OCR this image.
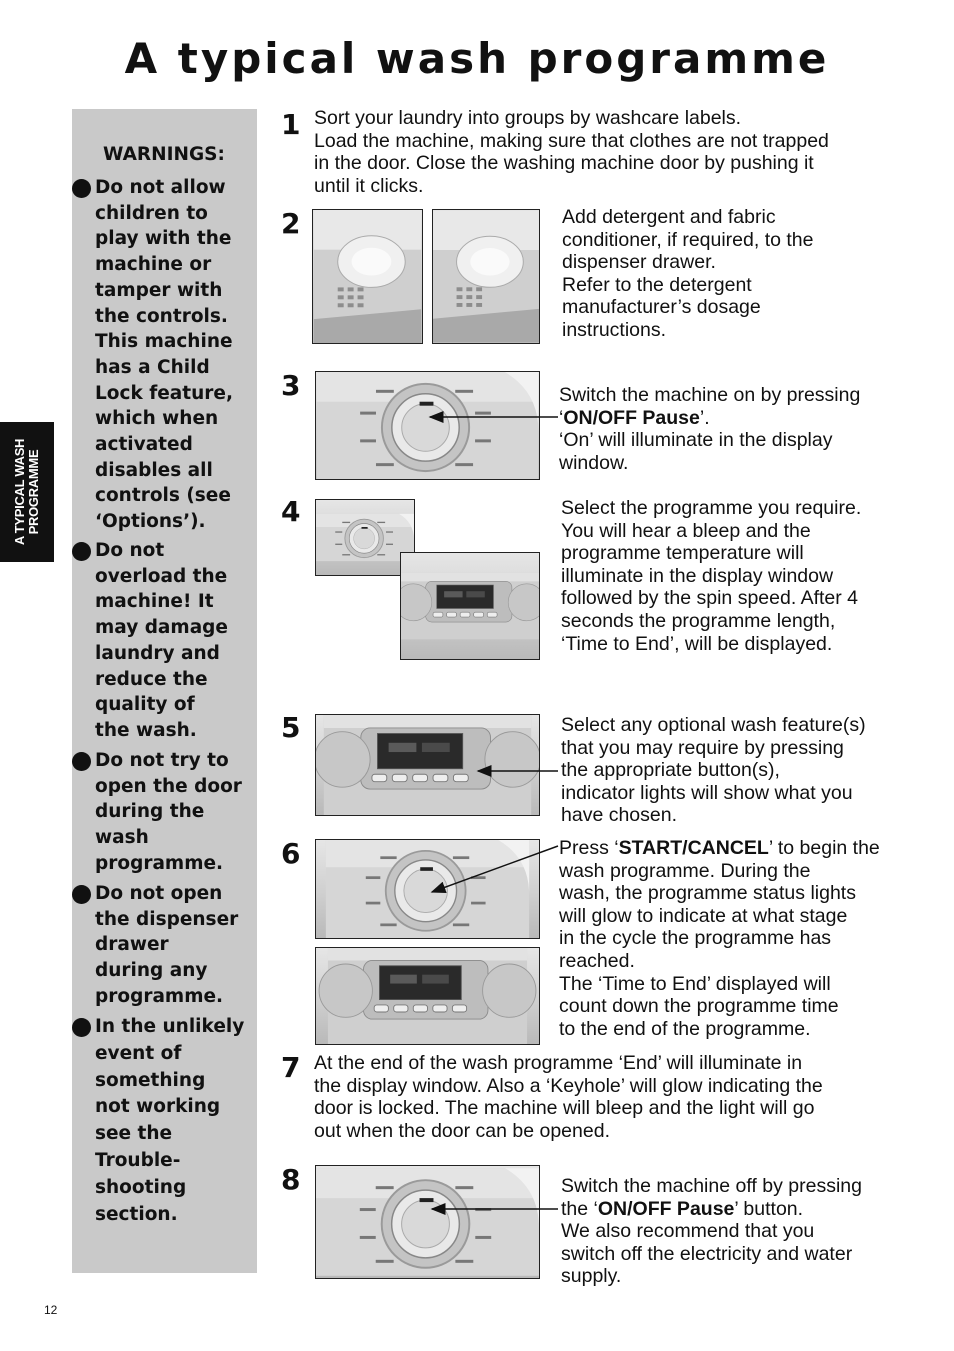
A typical wash programme
A TYPICAL WASH
PROGRAMME
WARNINGS:
Do not allow
children to
play with the
machine or
tamper with
the controls.
This machine
has a Child
Lock feature,
which when
activated
disables all
controls (see
‘Options’).
Do not
overload the
machine! It
may damage
laundry and
reduce the
quality of
the wash.
Do not try to
open the door
during the
wash
programme.
Do not open
the dispenser
drawer
during any
programme.
In the unlikely
event of
something
not working
see the
Trouble-
shooting
section.
1
2
3
4
5
6
7
8
Sort your laundry into groups by washcare labels.
Load the machine, making sure that clothes are not trapped
in the door. Close the washing machine door by pushing it
until it clicks.
Add detergent and fabric
conditioner, if required, to the
dispenser drawer.
Refer to the detergent
manufacturer’s dosage
instructions.
Switch the machine on by pressing
‘ON/OFF Pause’.
‘On’ will illuminate in the display
window.
Select the programme you require.
You will hear a bleep and the
programme temperature will
illuminate in the display window
followed by the spin speed. After 4
seconds the programme length,
‘Time to End’, will be displayed.
Select any optional wash feature(s)
that you may require by pressing
the appropriate button(s),
indicator lights will show what you
have chosen.
Press ‘START/CANCEL’ to begin the
wash programme. During the
wash, the programme status lights
will glow to indicate at what stage
in the cycle the programme has
reached.
The ‘Time to End’ displayed will
count down the programme time
to the end of the programme.
At the end of the wash programme ‘End’ will illuminate in
the display window. Also a ‘Keyhole’ will glow indicating the
door is locked. The machine will bleep and the light will go
out when the door can be opened.
Switch the machine off by pressing
the ‘ON/OFF Pause’ button.
We also recommend that you
switch off the electricity and water
supply.
12
